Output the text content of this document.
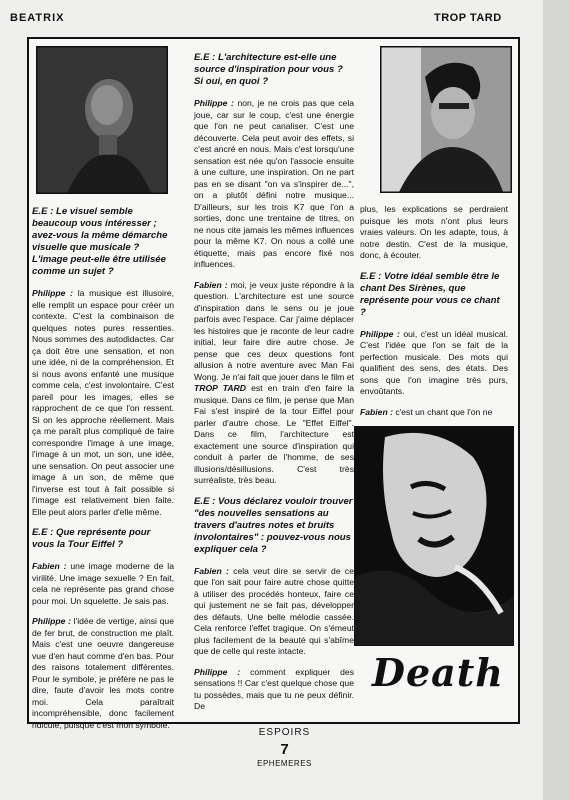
BEATRIX	TROP TARD
Death
E.E : Le visuel semble beaucoup vous intéresser ; avez-vous la même démarche visuelle que musicale ? L'image peut-elle être utilisée comme un sujet ?

Philippe : la musique est illusoire, elle remplit un espace pour créer un contexte. C'est la combinaison de quelques notes pures ressenties. Nous sommes des autodidactes. Car ça doit être une sensation, et non une idée, ni de la compréhension. Et si nous avons enfanté une musique comme cela, c'est involontaire. C'est pareil pour les images, elles se rapprochent de ce que l'on ressent. Si on les approche réellement. Mais ça me paraît plus compliqué de faire correspondre l'image à une image, l'image à un mot, un son, une idée, une sensation. On peut associer une image à un son, de même que l'inverse est tout à fait possible si l'image est relativement bien faite. Elle peut alors parler d'elle même.

E.E : Que représente pour vous la Tour Eiffel ?

Fabien : une image moderne de la virilité. Une image sexuelle ? En fait, cela ne représente pas grand chose pour moi. Un squelette. Je sais pas.

Philippe : l'idée de vertige, ainsi que de fer brut, de construction me plaît. Mais c'est une oeuvre dangereuse vue d'en haut comme d'en bas. Pour des raisons totalement différentes. Pour le symbole, je préfère ne pas le dire, faute d'avoir les mots contre moi. Cela paraîtrait incompréhensible, donc facilement ridicule, puisque c'est mon symbole.

E.E : L'architecture est-elle une source d'inspiration pour vous ? Si oui, en quoi ?

Philippe : non, je ne crois pas que cela joue, car sur le coup, c'est une énergie que l'on ne peut canaliser. C'est une découverte. Cela peut avoir des effets, si c'est ancré en nous. Mais c'est lorsqu'une sensation est née qu'on l'associe ensuite à une culture, une inspiration. On ne part pas en se disant "on va s'inspirer de...", on a plutôt défini notre musique... D'ailleurs, sur les trois K7 que l'on a sorties, donc une trentaine de titres, on ne nous cite jamais les mêmes influences pour la même K7. On nous a collé une étiquette, mais pas encore fixé nos influences.

Fabien : moi, je veux juste répondre à la question. L'architecture est une source d'inspiration dans le sens ou je joue parfois avec l'espace. Car j'aime déplacer les histoires que je raconte de leur cadre initial, leur faire dire autre chose. Je pense que ces deux questions font allusion à notre aventure avec Man Fai Wong. Je n'ai fait que jouer dans le film et TROP TARD est en train d'en faire la musique. Dans ce film, je pense que Man Fai s'est inspiré de la tour Eiffel pour parler d'autre chose. Le "Effet Eiffel". Dans ce film, l'architecture est exactement une source d'inspiration qui conduit à parler de l'homme, de ses illusions/désillusions. C'est très surréaliste, très beau.

E.E : Vous déclarez vouloir trouver "des nouvelles sensations au travers d'autres notes et bruits involontaires" : pouvez-vous nous expliquer cela ?

Fabien : cela veut dire se servir de ce que l'on sait pour faire autre chose quitte à utiliser des procédés honteux, faire ce qui justement ne se fait pas, développer des défauts. Une belle mélodie cassée. Cela renforce l'effet tragique. On s'émeut plus facilement de la beauté qui s'abîme que de celle qui reste intacte.

Philippe : comment expliquer des sensations !! Car c'est quelque chose que tu possèdes, mais que tu ne peux définir. De

plus, les explications se perdraient puisque les mots n'ont plus leurs vraies valeurs. On les adapte, tous, à notre destin. C'est de la musique, donc, à écouter.

E.E : Votre idéal semble être le chant Des Sirènes, que représente pour vous ce chant ?

Philippe : oui, c'est un idéal musical. C'est l'idée que l'on se fait de la perfection musicale. Des mots qui qualifient des sens, des états. Des sons que l'on imagine très purs, envoûtants.

Fabien : c'est un chant que l'on ne

ESPOIRS
7
EPHEMERES
